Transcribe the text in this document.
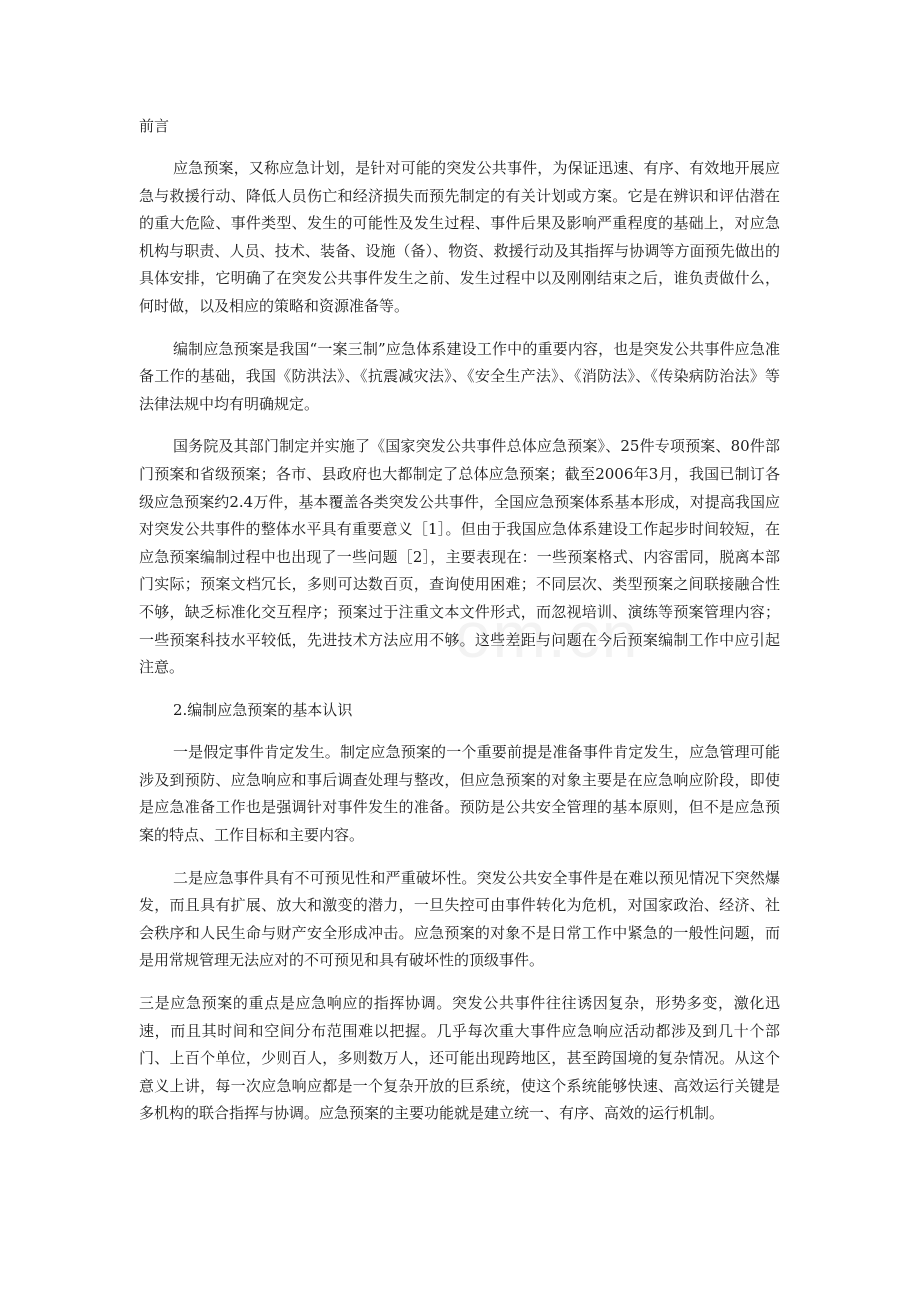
om.cn
前言

应急预案，又称应急计划，是针对可能的突发公共事件，为保证迅速、有序、有效地开展应急与救援行动、降低人员伤亡和经济损失而预先制定的有关计划或方案。它是在辨识和评估潜在的重大危险、事件类型、发生的可能性及发生过程、事件后果及影响严重程度的基础上，对应急机构与职责、人员、技术、装备、设施（备）、物资、救援行动及其指挥与协调等方面预先做出的具体安排，它明确了在突发公共事件发生之前、发生过程中以及刚刚结束之后，谁负责做什么，何时做，以及相应的策略和资源准备等。

编制应急预案是我国“一案三制”应急体系建设工作中的重要内容，也是突发公共事件应急准备工作的基础，我国《防洪法》、《抗震减灾法》、《安全生产法》、《消防法》、《传染病防治法》等法律法规中均有明确规定。

国务院及其部门制定并实施了《国家突发公共事件总体应急预案》、25件专项预案、80件部门预案和省级预案；各市、县政府也大都制定了总体应急预案；截至2006年3月，我国已制订各级应急预案约2.4万件，基本覆盖各类突发公共事件，全国应急预案体系基本形成，对提高我国应对突发公共事件的整体水平具有重要意义［1］。但由于我国应急体系建设工作起步时间较短，在应急预案编制过程中也出现了一些问题［2］，主要表现在：一些预案格式、内容雷同，脱离本部门实际；预案文档冗长，多则可达数百页，查询使用困难；不同层次、类型预案之间联接融合性不够，缺乏标准化交互程序；预案过于注重文本文件形式，而忽视培训、演练等预案管理内容；一些预案科技水平较低，先进技术方法应用不够。这些差距与问题在今后预案编制工作中应引起注意。

2.编制应急预案的基本认识

一是假定事件肯定发生。制定应急预案的一个重要前提是准备事件肯定发生，应急管理可能涉及到预防、应急响应和事后调查处理与整改，但应急预案的对象主要是在应急响应阶段，即使是应急准备工作也是强调针对事件发生的准备。预防是公共安全管理的基本原则，但不是应急预案的特点、工作目标和主要内容。

二是应急事件具有不可预见性和严重破坏性。突发公共安全事件是在难以预见情况下突然爆发，而且具有扩展、放大和激变的潜力，一旦失控可由事件转化为危机，对国家政治、经济、社会秩序和人民生命与财产安全形成冲击。应急预案的对象不是日常工作中紧急的一般性问题，而是用常规管理无法应对的不可预见和具有破坏性的顶级事件。

三是应急预案的重点是应急响应的指挥协调。突发公共事件往往诱因复杂，形势多变，激化迅速，而且其时间和空间分布范围难以把握。几乎每次重大事件应急响应活动都涉及到几十个部门、上百个单位，少则百人，多则数万人，还可能出现跨地区，甚至跨国境的复杂情况。从这个意义上讲，每一次应急响应都是一个复杂开放的巨系统，使这个系统能够快速、高效运行关键是多机构的联合指挥与协调。应急预案的主要功能就是建立统一、有序、高效的运行机制。
